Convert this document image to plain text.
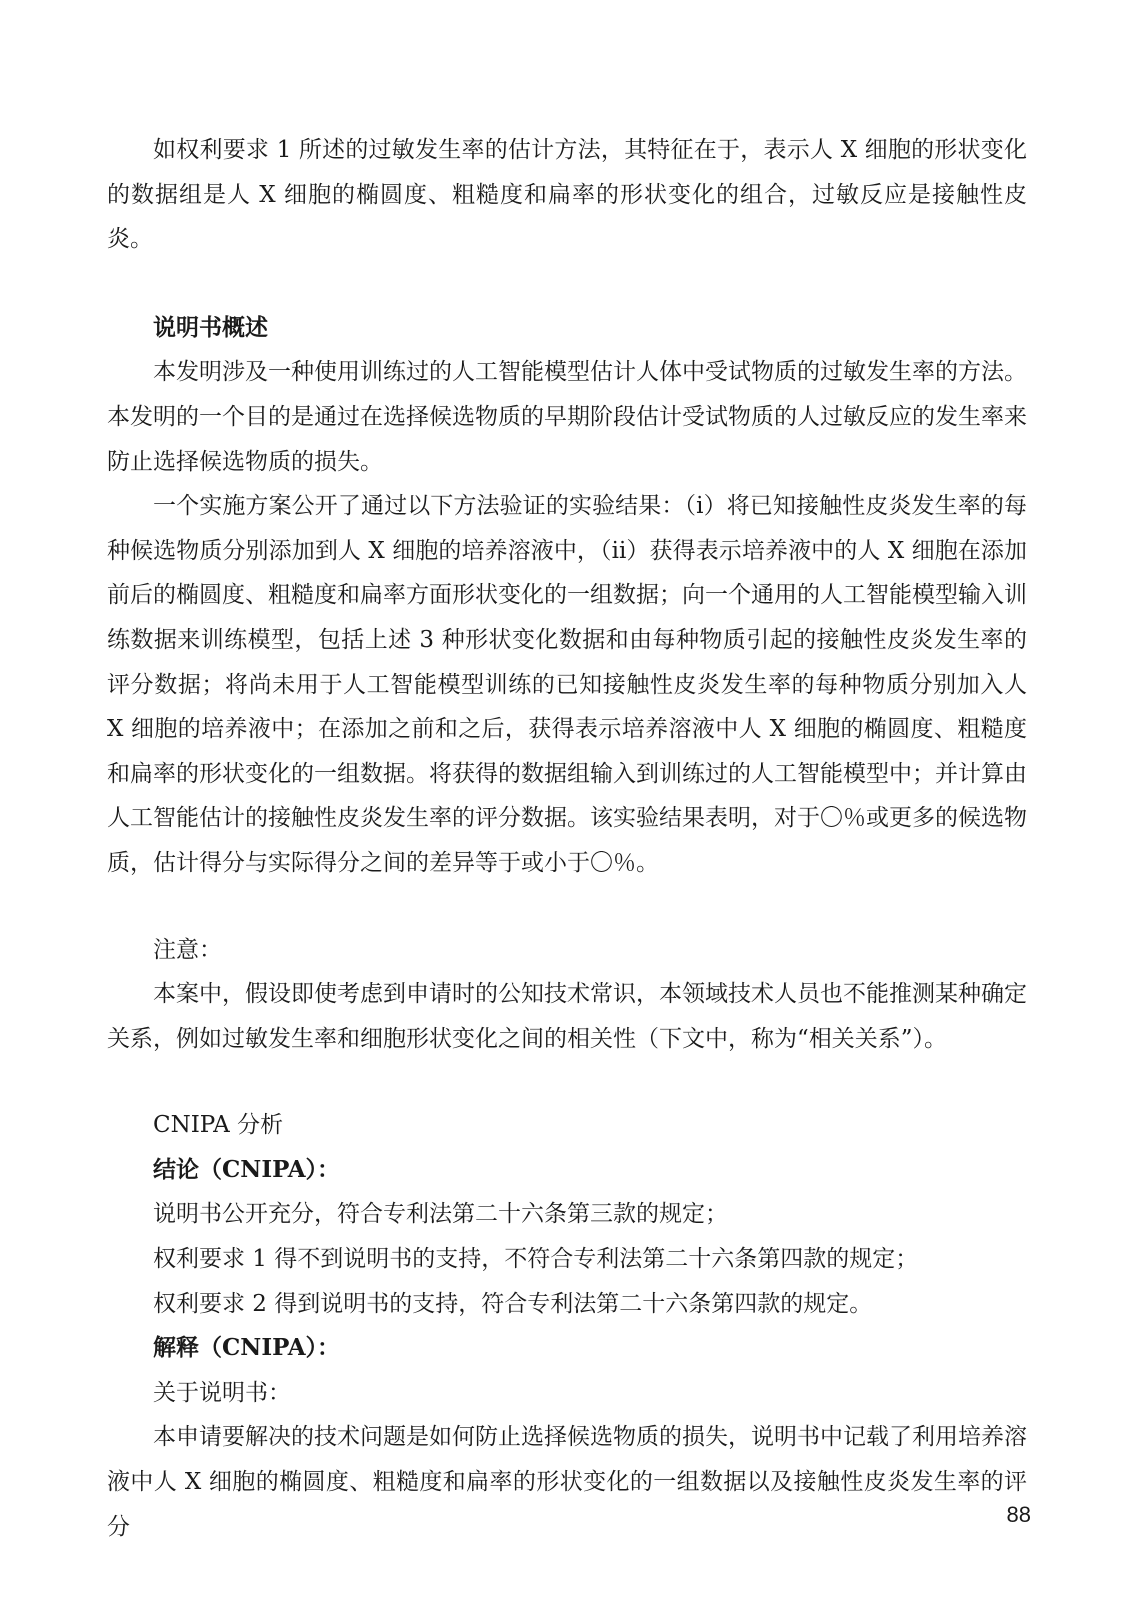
如权利要求 1 所述的过敏发生率的估计方法，其特征在于，表示人 X 细胞的形状变化的数据组是人 X 细胞的椭圆度、粗糙度和扁率的形状变化的组合，过敏反应是接触性皮炎。

说明书概述

本发明涉及一种使用训练过的人工智能模型估计人体中受试物质的过敏发生率的方法。本发明的一个目的是通过在选择候选物质的早期阶段估计受试物质的人过敏反应的发生率来防止选择候选物质的损失。

一个实施方案公开了通过以下方法验证的实验结果：（i）将已知接触性皮炎发生率的每种候选物质分别添加到人 X 细胞的培养溶液中，（ii）获得表示培养液中的人 X 细胞在添加前后的椭圆度、粗糙度和扁率方面形状变化的一组数据；向一个通用的人工智能模型输入训练数据来训练模型，包括上述 3 种形状变化数据和由每种物质引起的接触性皮炎发生率的评分数据；将尚未用于人工智能模型训练的已知接触性皮炎发生率的每种物质分别加入人 X 细胞的培养液中；在添加之前和之后，获得表示培养溶液中人 X 细胞的椭圆度、粗糙度和扁率的形状变化的一组数据。将获得的数据组输入到训练过的人工智能模型中；并计算由人工智能估计的接触性皮炎发生率的评分数据。该实验结果表明，对于〇％或更多的候选物质，估计得分与实际得分之间的差异等于或小于〇％。

注意：

本案中，假设即使考虑到申请时的公知技术常识，本领域技术人员也不能推测某种确定关系，例如过敏发生率和细胞形状变化之间的相关性（下文中，称为“相关关系”）。

CNIPA 分析
结论（CNIPA）：
说明书公开充分，符合专利法第二十六条第三款的规定；
权利要求 1 得不到说明书的支持，不符合专利法第二十六条第四款的规定；
权利要求 2 得到说明书的支持，符合专利法第二十六条第四款的规定。
解释（CNIPA）：
关于说明书：

本申请要解决的技术问题是如何防止选择候选物质的损失，说明书中记载了利用培养溶液中人 X 细胞的椭圆度、粗糙度和扁率的形状变化的一组数据以及接触性皮炎发生率的评分	88
